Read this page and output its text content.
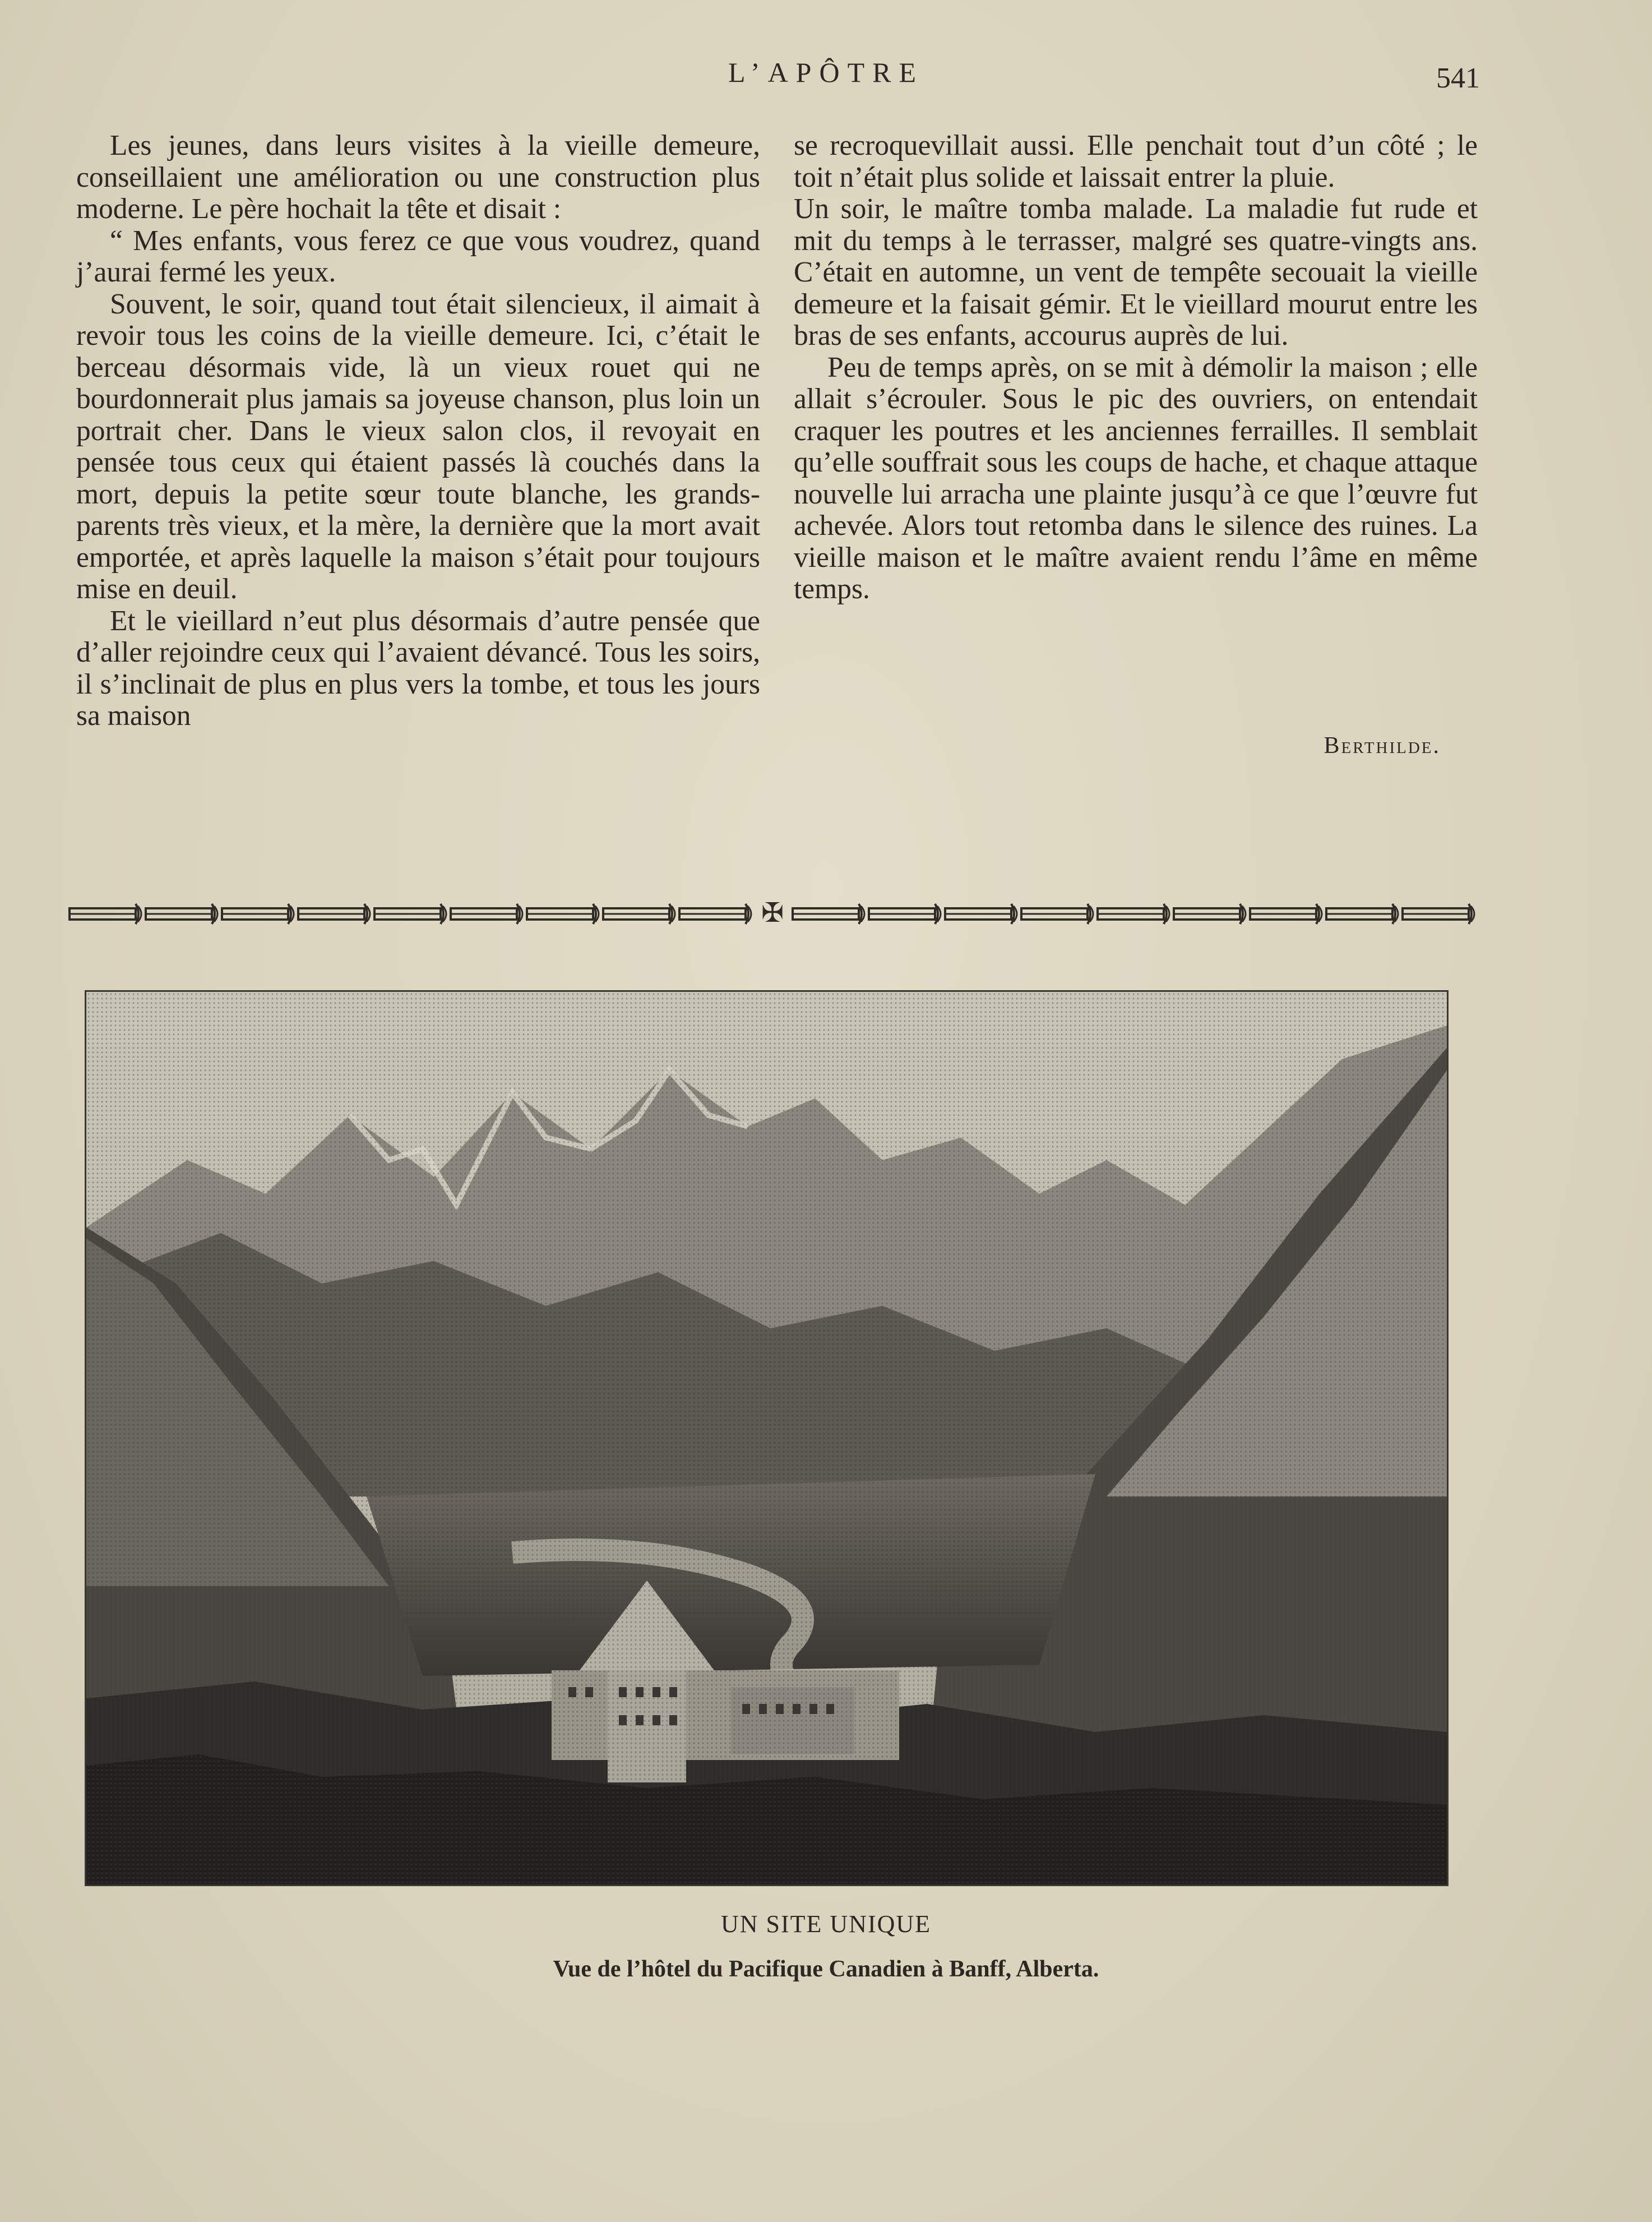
L’APÔTRE	541

Les jeunes, dans leurs visites à la vieille demeure, conseillaient une amélioration ou une construction plus moderne. Le père hochait la tête et disait :

“ Mes enfants, vous ferez ce que vous voudrez, quand j’aurai fermé les yeux.

Souvent, le soir, quand tout était silencieux, il aimait à revoir tous les coins de la vieille demeure. Ici, c’était le berceau désormais vide, là un vieux rouet qui ne bourdonnerait plus jamais sa joyeuse chanson, plus loin un portrait cher. Dans le vieux salon clos, il revoyait en pensée tous ceux qui étaient passés là couchés dans la mort, depuis la petite sœur toute blanche, les grands-parents très vieux, et la mère, la dernière que la mort avait emportée, et après laquelle la maison s’était pour toujours mise en deuil.

Et le vieillard n’eut plus désormais d’autre pensée que d’aller rejoindre ceux qui l’avaient dévancé. Tous les soirs, il s’inclinait de plus en plus vers la tombe, et tous les jours sa maison

se recroquevillait aussi. Elle penchait tout d’un côté ; le toit n’était plus solide et laissait entrer la pluie.

Un soir, le maître tomba malade. La maladie fut rude et mit du temps à le terrasser, malgré ses quatre-vingts ans. C’était en automne, un vent de tempête secouait la vieille demeure et la faisait gémir. Et le vieillard mourut entre les bras de ses enfants, accourus auprès de lui.

Peu de temps après, on se mit à démolir la maison ; elle allait s’écrouler. Sous le pic des ouvriers, on entendait craquer les poutres et les anciennes ferrailles. Il semblait qu’elle souffrait sous les coups de hache, et chaque attaque nouvelle lui arracha une plainte jusqu’à ce que l’œuvre fut achevée. Alors tout retomba dans le silence des ruines. La vieille maison et le maître avaient rendu l’âme en même temps.

Berthilde.
✠
UN SITE UNIQUE
Vue de l’hôtel du Pacifique Canadien à Banff, Alberta.
